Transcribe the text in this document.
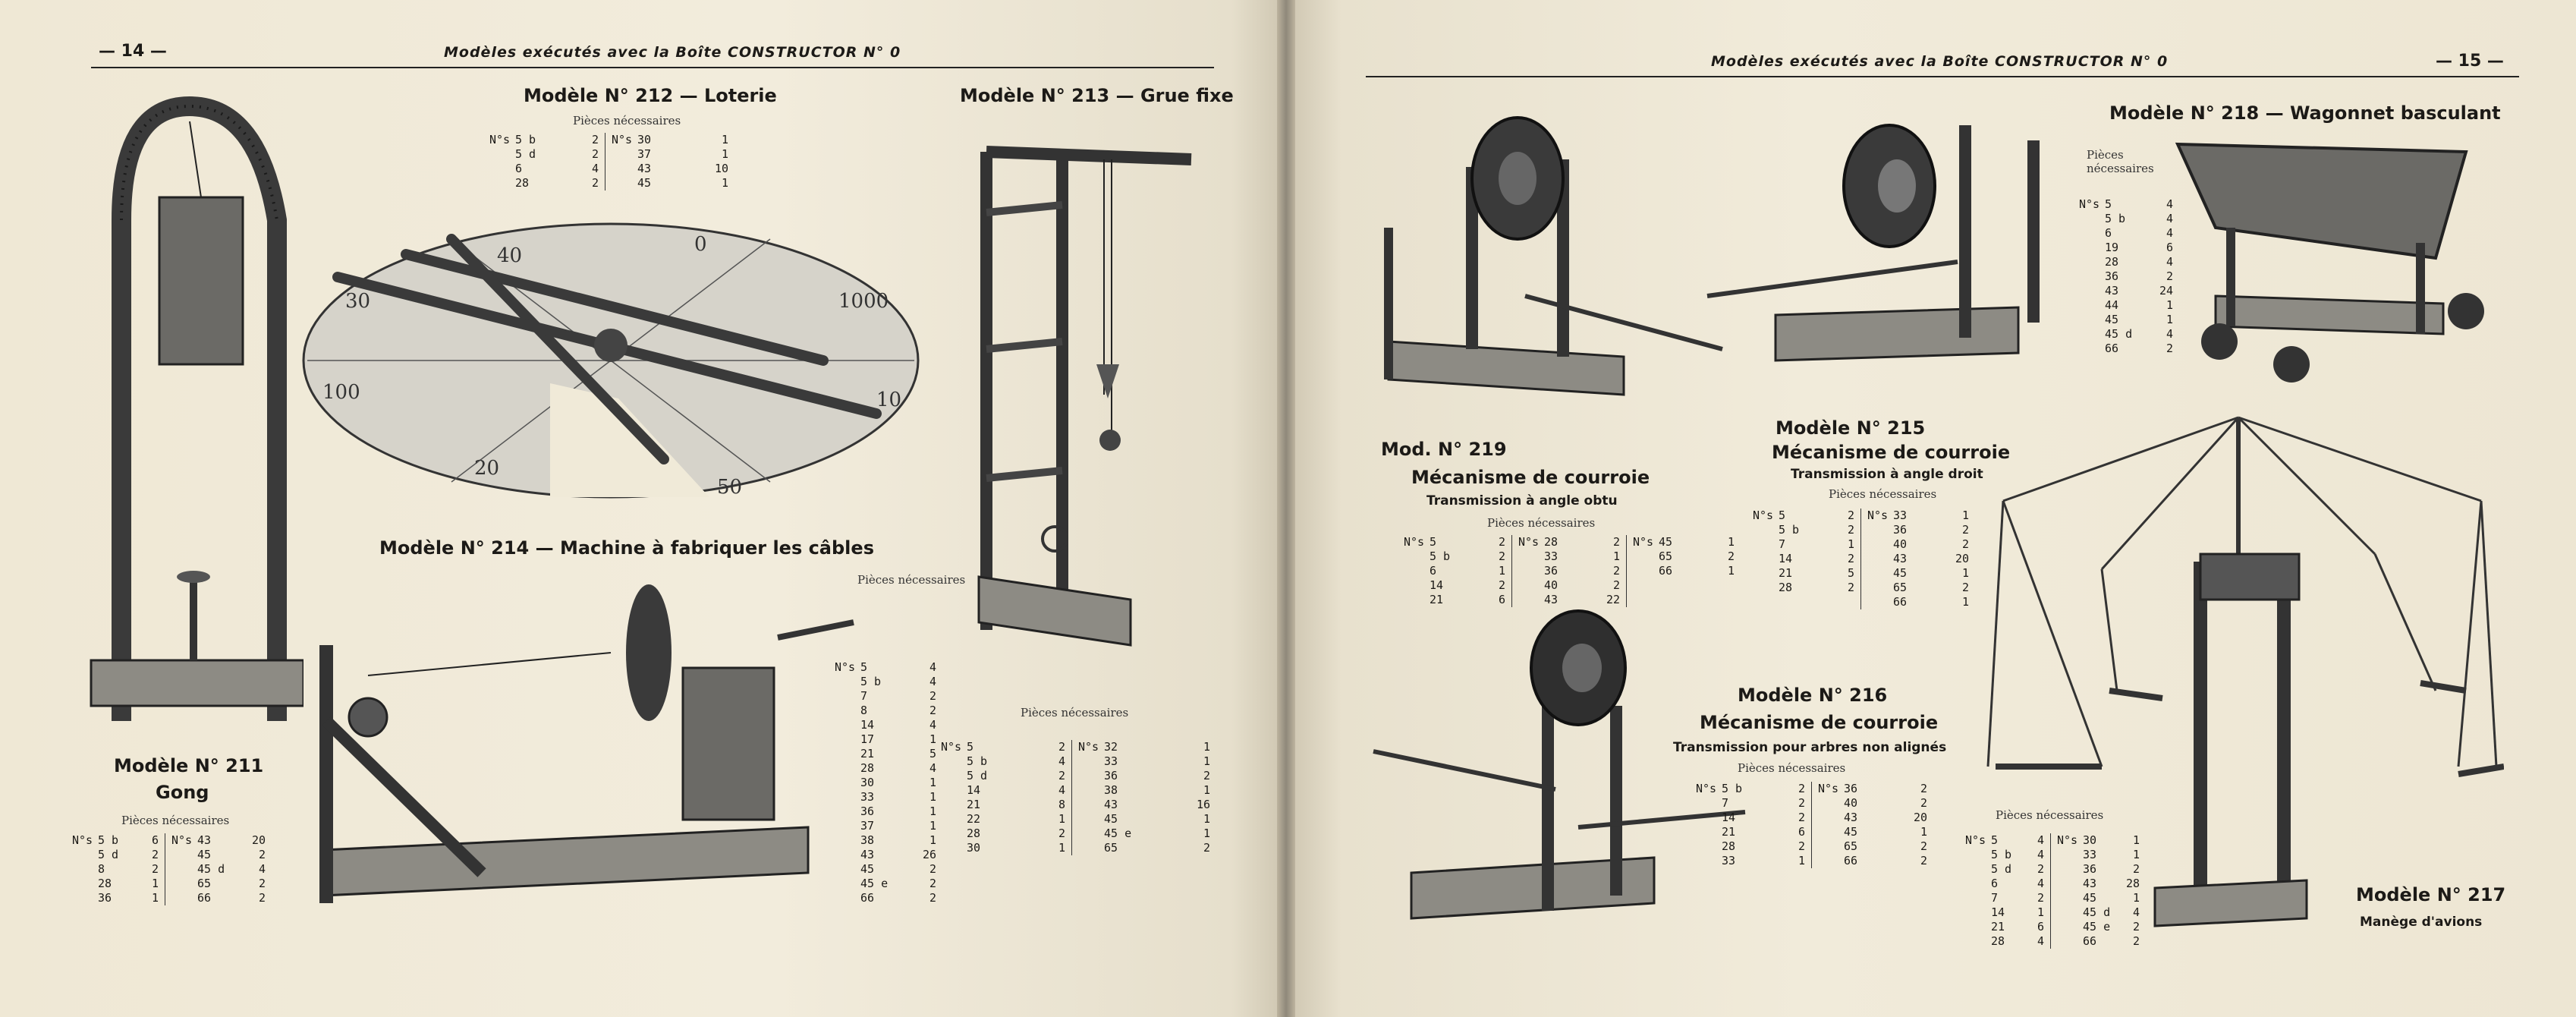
— 14 —	Modèles exécutés avec la Boîte CONSTRUCTOR N° 0
Modèle N° 211
Gong
Pièces nécessaires
N°s 5 b	6
5 d	2
8	2
28	1
36	1
N°s 43	20
45	2
45 d	4
65	2
66	2
Modèle N° 212 — Loterie
Pièces nécessaires
N°s 5 b	2
5 d	2
6	4
28	2
N°s 30	1
37	1
43	10
45	1
40	0
1000
10
50
20
100
30
Modèle N° 213 — Grue fixe
Pièces nécessaires
N°s 5	2
5 b	4
5 d	2
14	4
21	8
22	1
28	2
30	1
N°s 32	1
33	1
36	2
38	1
43	16
45	1
45 e	1
65	2
Modèle N° 214 — Machine à fabriquer les câbles
Pièces nécessaires
N°s 5	4
5 b	4
7	2
8	2
14	4
17	1
21	5
28	4
30	1
33	1
36	1
37	1
38	1
43	26
45	2
45 e	2
66	2
Modèles exécutés avec la Boîte CONSTRUCTOR N° 0	— 15 —
Mod. N° 219
Mécanisme de courroie
Transmission à angle obtu
Pièces nécessaires
N°s 5	2
5 b	2
6	1
14	2
21	6
N°s 28	2
33	1
36	2
40	2
43	22
N°s 45	1
65	2
66	1
Modèle N° 215
Mécanisme de courroie
Transmission à angle droit
Pièces nécessaires
N°s 5	2
5 b	2
7	1
14	2
21	5
28	2
N°s 33	1
36	2
40	2
43	20
45	1
65	2
66	1
Modèle N° 218 — Wagonnet basculant
Pièces nécessaires
N°s 5	4
5 b	4
6	4
19	6
28	4
36	2
43	24
44	1
45	1
45 d	4
66	2
Modèle N° 216
Mécanisme de courroie
Transmission pour arbres non alignés
Pièces nécessaires
N°s 5 b	2
7	2
14	2
21	6
28	2
33	1
N°s 36	2
40	2
43	20
45	1
65	2
66	2
Pièces nécessaires
N°s 5	4
5 b	4
5 d	2
6	4
7	2
14	1
21	6
28	4
N°s 30	1
33	1
36	2
43	28
45	1
45 d	4
45 e	2
66	2
Modèle N° 217
Manège d'avions
